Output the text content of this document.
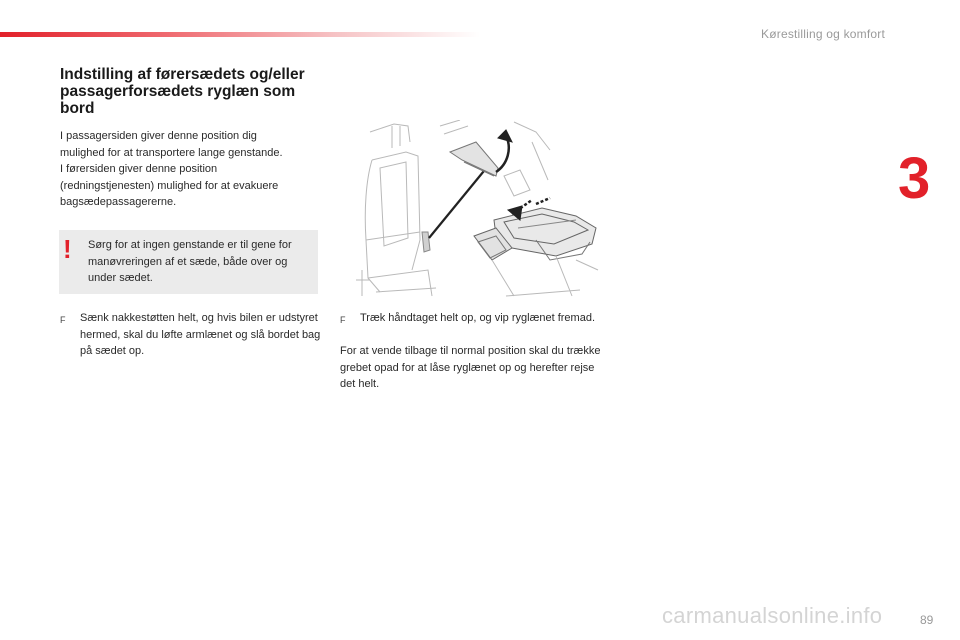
Kørestilling og komfort
3
Indstilling af førersædets og/eller passagerforsædets ryglæn som bord

I passagersiden giver denne position dig

mulighed for at transportere lange genstande.

I førersiden giver denne position

(redningstjenesten) mulighed for at evakuere

bagsædepassagererne.

! Sørg for at ingen genstande er til gene for manøvreringen af et sæde, både over og under sædet.
F	Sænk nakkestøtten helt, og hvis bilen er udstyret hermed, skal du løfte armlænet og slå bordet bag på sædet op.
F	Træk håndtaget helt op, og vip ryglænet fremad.
For at vende tilbage til normal position skal du trække grebet opad for at låse ryglænet op og herefter rejse det helt.
89
carmanualsonline.info
